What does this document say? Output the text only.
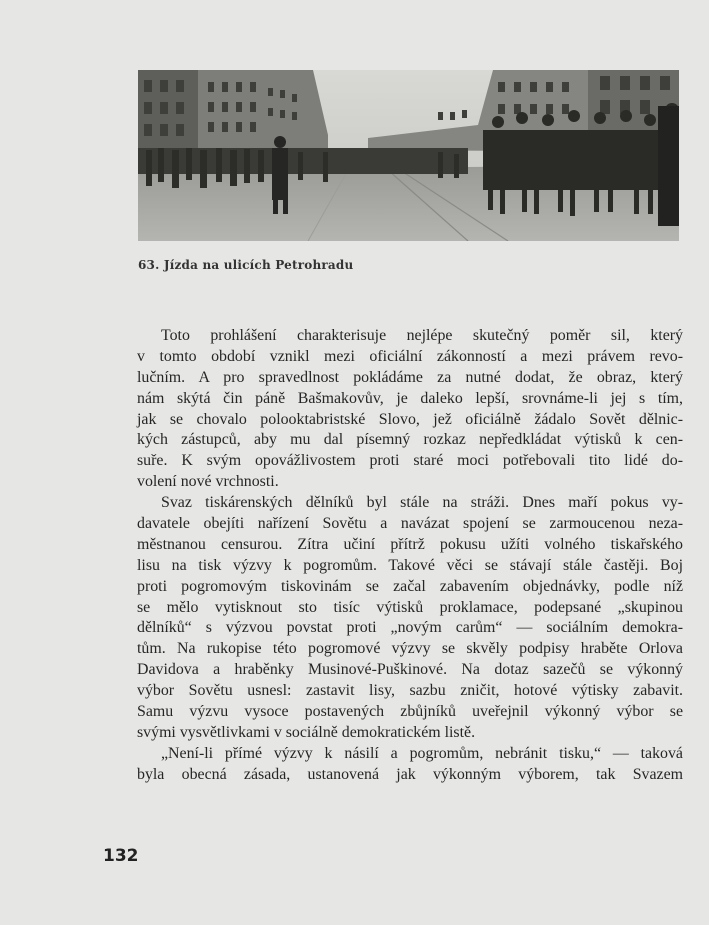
63. Jízda na ulicích Petrohradu
Toto prohlášení charakterisuje nejlépe skutečný poměr sil, který
v tomto období vznikl mezi oficiální zákonností a mezi právem revo-
lučním. A pro spravedlnost pokládáme za nutné dodat, že obraz, který
nám skýtá čin páně Bašmakovův, je daleko lepší, srovnáme-li jej s tím,
jak se chovalo polooktabristské Slovo, jež oficiálně žádalo Sovět dělnic-
kých zástupců, aby mu dal písemný rozkaz nepředkládat výtisků k cen-
suře. K svým opovážlivostem proti staré moci potřebovali tito lidé do-
volení nové vrchnosti.
Svaz tiskárenských dělníků byl stále na stráži. Dnes maří pokus vy-
davatele obejíti nařízení Sovětu a navázat spojení se zarmoucenou neza-
městnanou censurou. Zítra učiní přítrž pokusu užíti volného tiskařského
lisu na tisk výzvy k pogromům. Takové věci se stávají stále častěji. Boj
proti pogromovým tiskovinám se začal zabavením objednávky, podle níž
se mělo vytisknout sto tisíc výtisků proklamace, podepsané „skupinou
dělníků“ s výzvou povstat proti „novým carům“ — sociálním demokra-
tům. Na rukopise této pogromové výzvy se skvěly podpisy hraběte Orlova
Davidova a hraběnky Musinové-Puškinové. Na dotaz sazečů se výkonný
výbor Sovětu usnesl: zastavit lisy, sazbu zničit, hotové výtisky zabavit.
Samu výzvu vysoce postavených zbůjníků uveřejnil výkonný výbor se
svými vysvětlivkami v sociálně demokratickém listě.
„Není-li přímé výzvy k násilí a pogromům, nebránit tisku,“ — taková
byla obecná zásada, ustanovená jak výkonným výborem, tak Svazem
132
